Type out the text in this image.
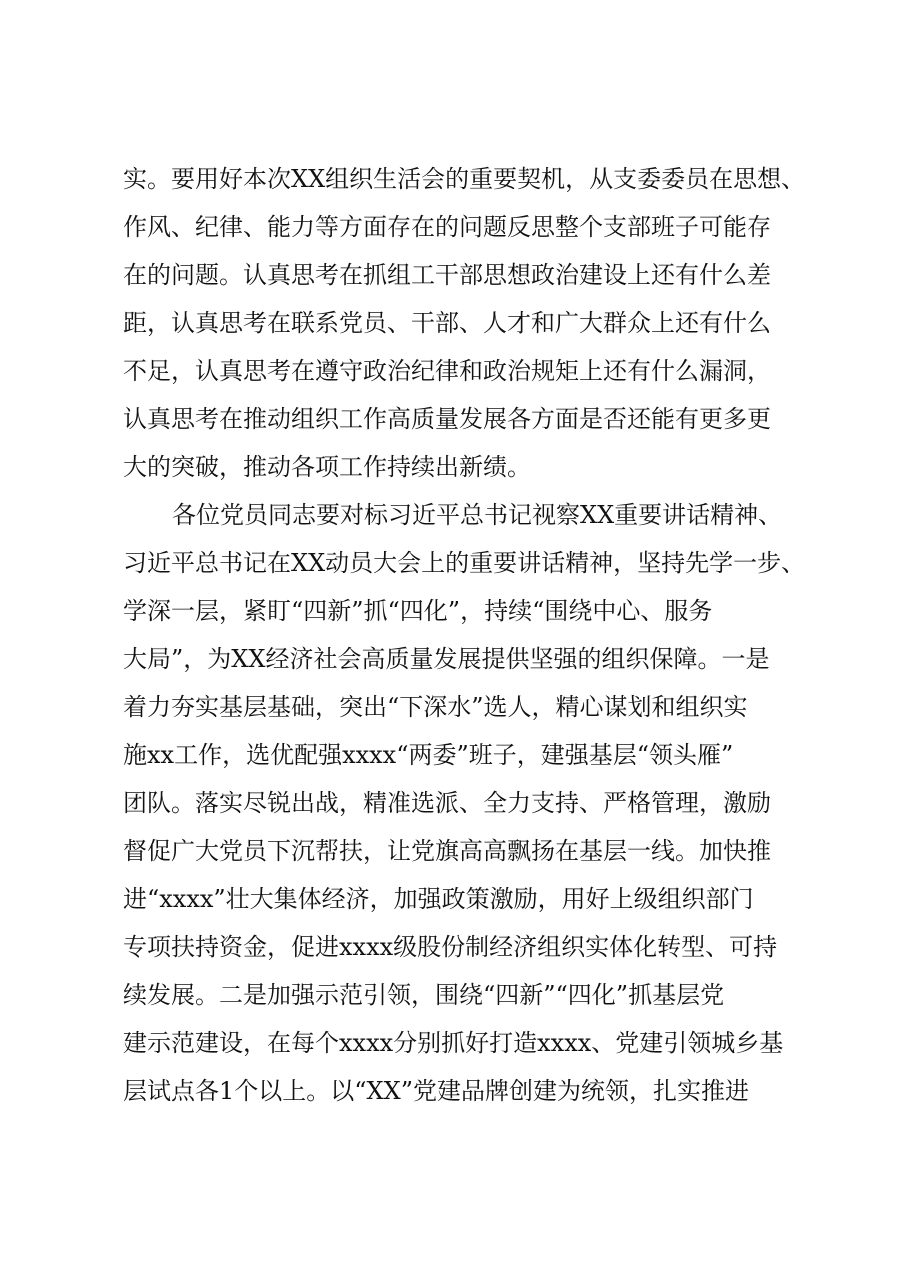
实。要用好本次XX组织生活会的重要契机，从支委委员在思想、
作风、纪律、能力等方面存在的问题反思整个支部班子可能存
在的问题。认真思考在抓组工干部思想政治建设上还有什么差
距，认真思考在联系党员、干部、人才和广大群众上还有什么
不足，认真思考在遵守政治纪律和政治规矩上还有什么漏洞，
认真思考在推动组织工作高质量发展各方面是否还能有更多更
大的突破，推动各项工作持续出新绩。
各位党员同志要对标习近平总书记视察XX重要讲话精神、
习近平总书记在XX动员大会上的重要讲话精神，坚持先学一步、
学深一层，紧盯“四新”抓“四化”，持续“围绕中心、服务
大局”，为XX经济社会高质量发展提供坚强的组织保障。一是
着力夯实基层基础，突出“下深水”选人，精心谋划和组织实
施xx工作，选优配强xxxx“两委”班子，建强基层“领头雁”
团队。落实尽锐出战，精准选派、全力支持、严格管理，激励
督促广大党员下沉帮扶，让党旗高高飘扬在基层一线。加快推
进“xxxx”壮大集体经济，加强政策激励，用好上级组织部门
专项扶持资金，促进xxxx级股份制经济组织实体化转型、可持
续发展。二是加强示范引领，围绕“四新”“四化”抓基层党
建示范建设，在每个xxxx分别抓好打造xxxx、党建引领城乡基
层试点各1个以上。以“XX”党建品牌创建为统领，扎实推进
